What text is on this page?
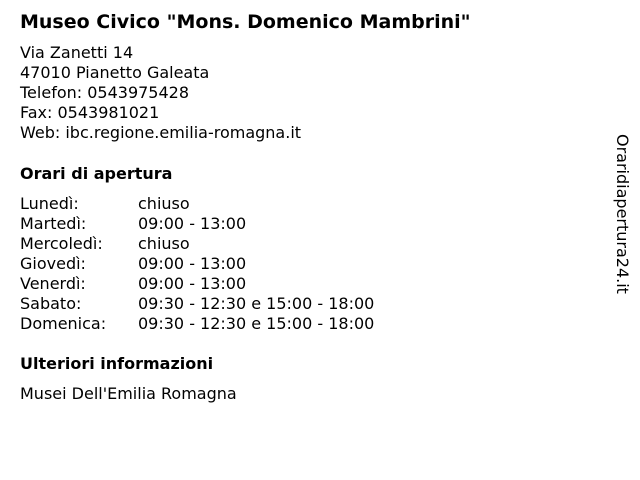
Museo Civico "Mons. Domenico Mambrini"
Via Zanetti 14
47010 Pianetto Galeata
Telefon: 0543975428
Fax: 0543981021
Web: ibc.regione.emilia-romagna.it
Orari di apertura
Lunedì:	chiuso
Martedì:	09:00 - 13:00
Mercoledì:	chiuso
Giovedì:	09:00 - 13:00
Venerdì:	09:00 - 13:00
Sabato:	09:30 - 12:30 e 15:00 - 18:00
Domenica:	09:30 - 12:30 e 15:00 - 18:00
Ulteriori informazioni
Musei Dell'Emilia Romagna
Oraridiapertura24.it
